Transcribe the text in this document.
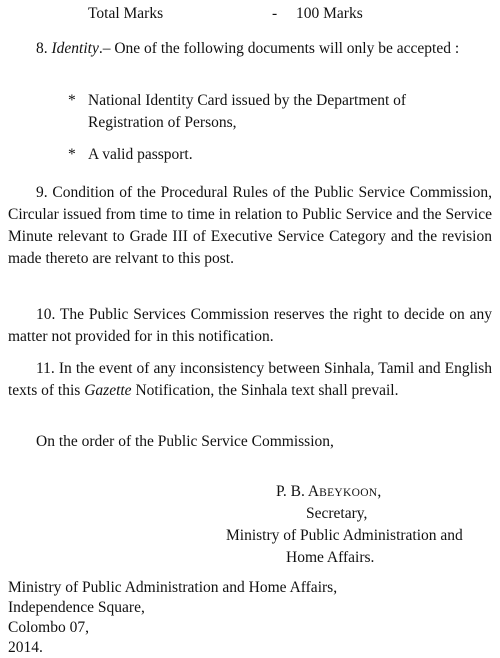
Total Marks	- 100 Marks
8. Identity.– One of the following documents will only be accepted :
* National Identity Card issued by the Department of
Registration of Persons,
* A valid passport.
9. Condition of the Procedural Rules of the Public Service Commission, Circular issued from time to time in relation to Public Service and the Service Minute relevant to Grade III of Executive Service Category and the revision made thereto are relvant to this post.
10. The Public Services Commission reserves the right to decide on any matter not provided for in this notification.
11. In the event of any inconsistency between Sinhala, Tamil and English texts of this Gazette Notification, the Sinhala text shall prevail.
On the order of the Public Service Commission,
P. B. ABEYKOON,
Secretary,
Ministry of Public Administration and
Home Affairs.
Ministry of Public Administration and Home Affairs,
Independence Square,
Colombo 07,
2014.
